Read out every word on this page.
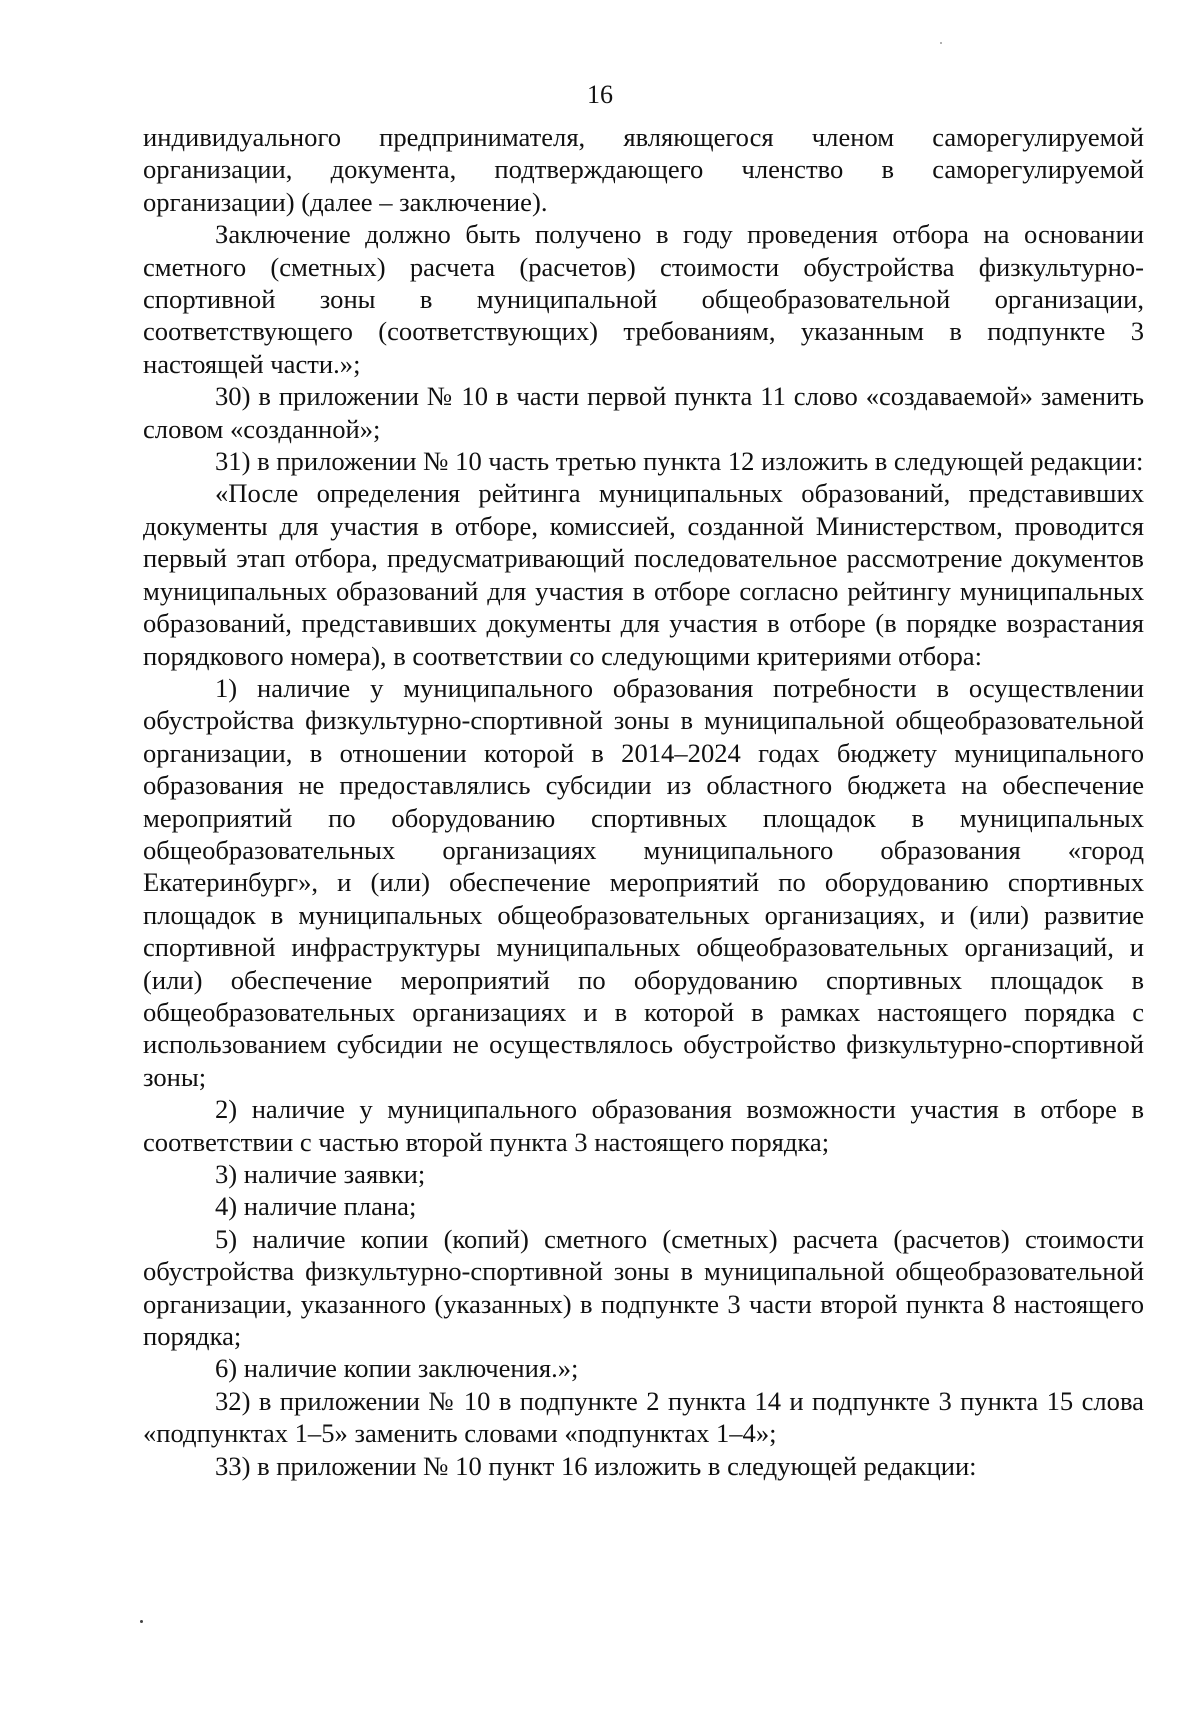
16

индивидуального предпринимателя, являющегося членом саморегулируемой организации, документа, подтверждающего членство в саморегулируемой организации) (далее – заключение).

Заключение должно быть получено в году проведения отбора на основании сметного (сметных) расчета (расчетов) стоимости обустройства физкультурно-спортивной зоны в муниципальной общеобразовательной организации, соответствующего (соответствующих) требованиям, указанным в подпункте 3 настоящей части.»;

30) в приложении № 10 в части первой пункта 11 слово «создаваемой» заменить словом «созданной»;

31) в приложении № 10 часть третью пункта 12 изложить в следующей редакции:

«После определения рейтинга муниципальных образований, представивших документы для участия в отборе, комиссией, созданной Министерством, проводится первый этап отбора, предусматривающий последовательное рассмотрение документов муниципальных образований для участия в отборе согласно рейтингу муниципальных образований, представивших документы для участия в отборе (в порядке возрастания порядкового номера), в соответствии со следующими критериями отбора:

1) наличие у муниципального образования потребности в осуществлении обустройства физкультурно-спортивной зоны в муниципальной общеобразовательной организации, в отношении которой в 2014–2024 годах бюджету муниципального образования не предоставлялись субсидии из областного бюджета на обеспечение мероприятий по оборудованию спортивных площадок в муниципальных общеобразовательных организациях муниципального образования «город Екатеринбург», и (или) обеспечение мероприятий по оборудованию спортивных площадок в муниципальных общеобразовательных организациях, и (или) развитие спортивной инфраструктуры муниципальных общеобразовательных организаций, и (или) обеспечение мероприятий по оборудованию спортивных площадок в общеобразовательных организациях и в которой в рамках настоящего порядка с использованием субсидии не осуществлялось обустройство физкультурно-спортивной зоны;

2) наличие у муниципального образования возможности участия в отборе в соответствии с частью второй пункта 3 настоящего порядка;

3) наличие заявки;

4) наличие плана;

5) наличие копии (копий) сметного (сметных) расчета (расчетов) стоимости обустройства физкультурно-спортивной зоны в муниципальной общеобразовательной организации, указанного (указанных) в подпункте 3 части второй пункта 8 настоящего порядка;

6) наличие копии заключения.»;

32) в приложении № 10 в подпункте 2 пункта 14 и подпункте 3 пункта 15 слова «подпунктах 1–5» заменить словами «подпунктах 1–4»;

33) в приложении № 10 пункт 16 изложить в следующей редакции:
